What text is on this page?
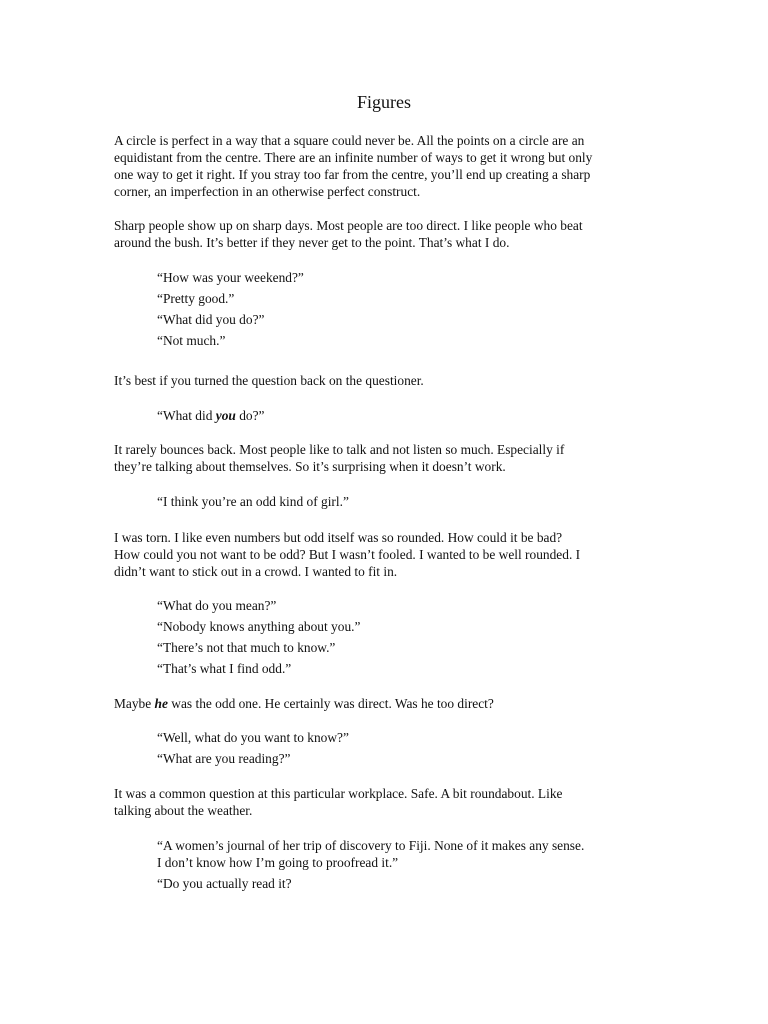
Figures
A circle is perfect in a way that a square could never be. All the points on a circle are an
equidistant from the centre. There are an infinite number of ways to get it wrong but only
one way to get it right. If you stray too far from the centre, you’ll end up creating a sharp
corner, an imperfection in an otherwise perfect construct.
Sharp people show up on sharp days. Most people are too direct. I like people who beat
around the bush. It’s better if they never get to the point. That’s what I do.
“How was your weekend?”
“Pretty good.”
“What did you do?”
“Not much.”
It’s best if you turned the question back on the questioner.
“What did you do?”
It rarely bounces back. Most people like to talk and not listen so much. Especially if
they’re talking about themselves. So it’s surprising when it doesn’t work.
“I think you’re an odd kind of girl.”
I was torn. I like even numbers but odd itself was so rounded. How could it be bad?
How could you not want to be odd? But I wasn’t fooled. I wanted to be well rounded. I
didn’t want to stick out in a crowd. I wanted to fit in.
“What do you mean?”
“Nobody knows anything about you.”
“There’s not that much to know.”
“That’s what I find odd.”
Maybe he was the odd one. He certainly was direct. Was he too direct?
“Well, what do you want to know?”
“What are you reading?”
It was a common question at this particular workplace. Safe. A bit roundabout. Like
talking about the weather.
“A women’s journal of her trip of discovery to Fiji. None of it makes any sense.
I don’t know how I’m going to proofread it.”
“Do you actually read it?
